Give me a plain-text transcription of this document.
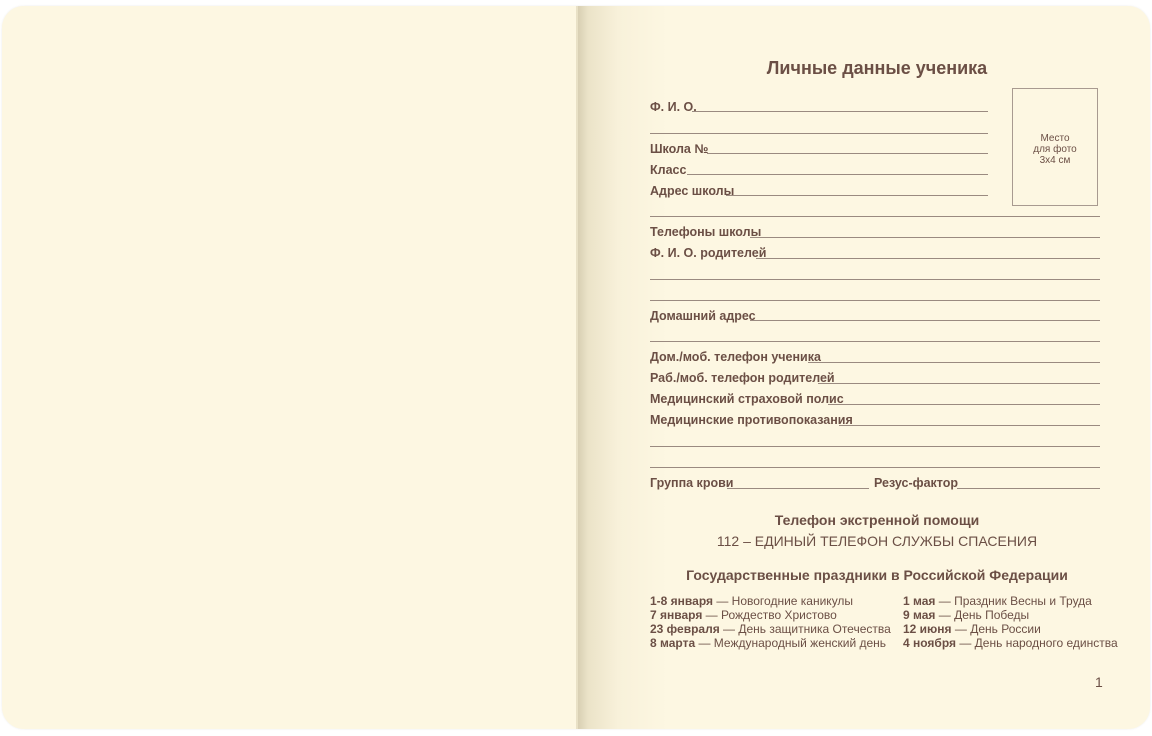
Личные данные ученика
Место
для фото
3х4 см
Ф. И. О.
Школа №
Класс
Адрес школы
Телефоны школы
Ф. И. О. родителей
Домашний адрес
Дом./моб. телефон ученика
Раб./моб. телефон родителей
Медицинский страховой полис
Медицинские противопоказания
Группа крови	Резус-фактор
Телефон экстренной помощи
112 – ЕДИНЫЙ ТЕЛЕФОН СЛУЖБЫ СПАСЕНИЯ
Государственные праздники в Российской Федерации
1-8 января — Новогодние каникулы
7 января — Рождество Христово
23 февраля — День защитника Отечества
8 марта — Международный женский день
1 мая — Праздник Весны и Труда
9 мая — День Победы
12 июня — День России
4 ноября — День народного единства
1
